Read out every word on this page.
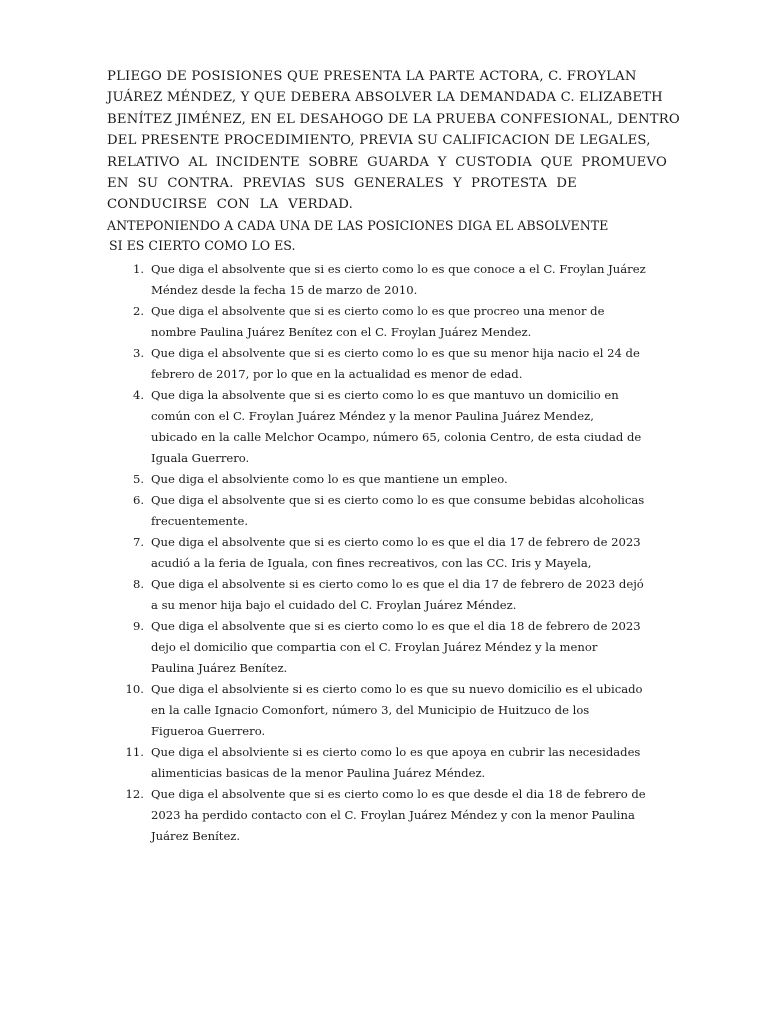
PLIEGO DE POSISIONES QUE PRESENTA LA PARTE ACTORA, C. FROYLAN
JUÁREZ MÉNDEZ, Y QUE DEBERA ABSOLVER LA DEMANDADA C. ELIZABETH
BENÍTEZ JIMÉNEZ, EN EL DESAHOGO DE LA PRUEBA CONFESIONAL, DENTRO
DEL PRESENTE PROCEDIMIENTO, PREVIA SU CALIFICACION DE LEGALES,
RELATIVO AL INCIDENTE SOBRE GUARDA Y CUSTODIA QUE PROMUEVO
EN SU CONTRA. PREVIAS SUS GENERALES Y PROTESTA DE
CONDUCIRSE CON LA VERDAD.
ANTEPONIENDO A CADA UNA DE LAS POSICIONES DIGA EL ABSOLVENTE
SI ES CIERTO COMO LO ES.
1. Que diga el absolvente que si es cierto como lo es que conoce a el C. Froylan Juárez
Méndez desde la fecha 15 de marzo de 2010.
2. Que diga el absolvente que si es cierto como lo es que procreo una menor de
nombre Paulina Juárez Benítez con el C. Froylan Juárez Mendez.
3. Que diga el absolvente que si es cierto como lo es que su menor hija nacio el 24 de
febrero de 2017, por lo que en la actualidad es menor de edad.
4. Que diga la absolvente que si es cierto como lo es que mantuvo un domicilio en
común con el C. Froylan Juárez Méndez y la menor Paulina Juárez Mendez,
ubicado en la calle Melchor Ocampo, número 65, colonia Centro, de esta ciudad de
Iguala Guerrero.
5. Que diga el absolviente como lo es que mantiene un empleo.
6. Que diga el absolvente que si es cierto como lo es que consume bebidas alcoholicas
frecuentemente.
7. Que diga el absolvente que si es cierto como lo es que el dia 17 de febrero de 2023
acudió a la feria de Iguala, con fines recreativos, con las CC. Iris y Mayela,
8. Que diga el absolvente si es cierto como lo es que el dia 17 de febrero de 2023 dejó
a su menor hija bajo el cuidado del C. Froylan Juárez Méndez.
9. Que diga el absolvente que si es cierto como lo es que el dia 18 de febrero de 2023
dejo el domicilio que compartia con el C. Froylan Juárez Méndez y la menor
Paulina Juárez Benítez.
10. Que diga el absolviente si es cierto como lo es que su nuevo domicilio es el ubicado
en la calle Ignacio Comonfort, número 3, del Municipio de Huitzuco de los
Figueroa Guerrero.
11. Que diga el absolviente si es cierto como lo es que apoya en cubrir las necesidades
alimenticias basicas de la menor Paulina Juárez Méndez.
12. Que diga el absolvente que si es cierto como lo es que desde el dia 18 de febrero de
2023 ha perdido contacto con el C. Froylan Juárez Méndez y con la menor Paulina
Juárez Benítez.
